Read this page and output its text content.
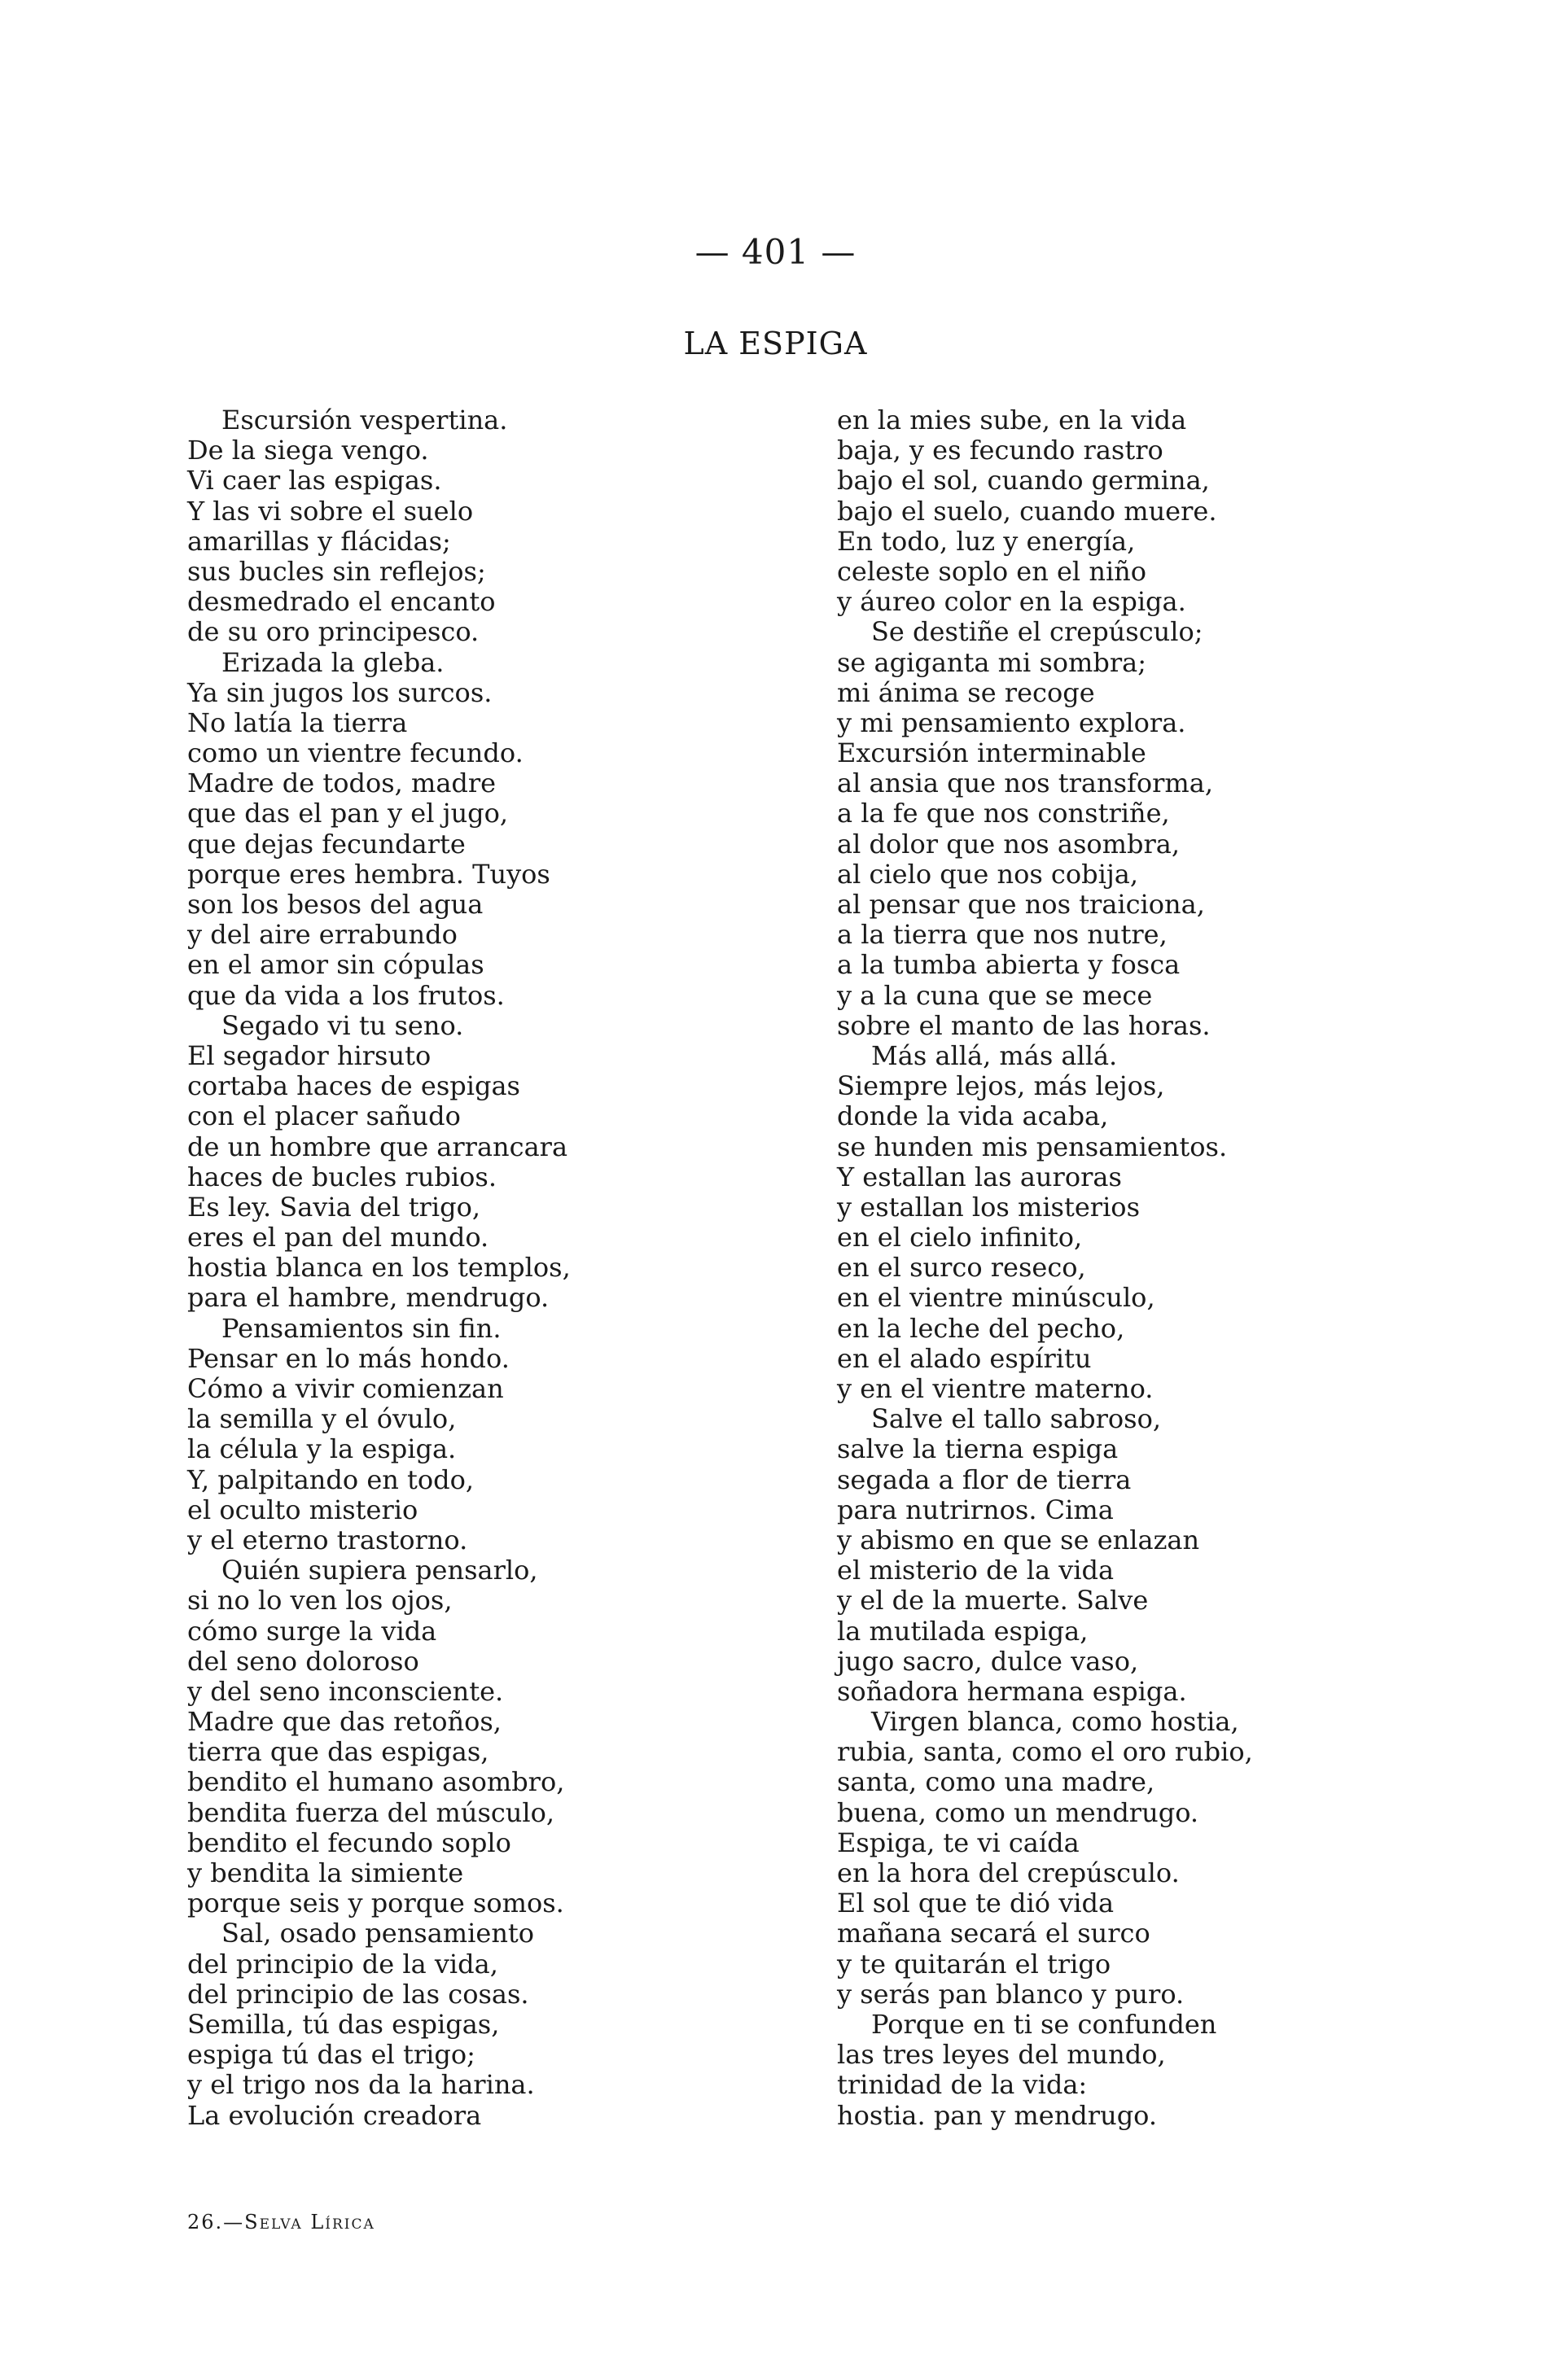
— 401 —
LA ESPIGA
Escursión vespertina.
De la siega vengo.
Vi caer las espigas.
Y las vi sobre el suelo
amarillas y flácidas;
sus bucles sin reflejos;
desmedrado el encanto
de su oro principesco.
Erizada la gleba.
Ya sin jugos los surcos.
No latía la tierra
como un vientre fecundo.
Madre de todos, madre
que das el pan y el jugo,
que dejas fecundarte
porque eres hembra. Tuyos
son los besos del agua
y del aire errabundo
en el amor sin cópulas
que da vida a los frutos.
Segado vi tu seno.
El segador hirsuto
cortaba haces de espigas
con el placer sañudo
de un hombre que arrancara
haces de bucles rubios.
Es ley. Savia del trigo,
eres el pan del mundo.
hostia blanca en los templos,
para el hambre, mendrugo.
Pensamientos sin fin.
Pensar en lo más hondo.
Cómo a vivir comienzan
la semilla y el óvulo,
la célula y la espiga.
Y, palpitando en todo,
el oculto misterio
y el eterno trastorno.
Quién supiera pensarlo,
si no lo ven los ojos,
cómo surge la vida
del seno doloroso
y del seno inconsciente.
Madre que das retoños,
tierra que das espigas,
bendito el humano asombro,
bendita fuerza del músculo,
bendito el fecundo soplo
y bendita la simiente
porque seis y porque somos.
Sal, osado pensamiento
del principio de la vida,
del principio de las cosas.
Semilla, tú das espigas,
espiga tú das el trigo;
y el trigo nos da la harina.
La evolución creadora
en la mies sube, en la vida
baja, y es fecundo rastro
bajo el sol, cuando germina,
bajo el suelo, cuando muere.
En todo, luz y energía,
celeste soplo en el niño
y áureo color en la espiga.
Se destiñe el crepúsculo;
se agiganta mi sombra;
mi ánima se recoge
y mi pensamiento explora.
Excursión interminable
al ansia que nos transforma,
a la fe que nos constriñe,
al dolor que nos asombra,
al cielo que nos cobija,
al pensar que nos traiciona,
a la tierra que nos nutre,
a la tumba abierta y fosca
y a la cuna que se mece
sobre el manto de las horas.
Más allá, más allá.
Siempre lejos, más lejos,
donde la vida acaba,
se hunden mis pensamientos.
Y estallan las auroras
y estallan los misterios
en el cielo infinito,
en el surco reseco,
en el vientre minúsculo,
en la leche del pecho,
en el alado espíritu
y en el vientre materno.
Salve el tallo sabroso,
salve la tierna espiga
segada a flor de tierra
para nutrirnos. Cima
y abismo en que se enlazan
el misterio de la vida
y el de la muerte. Salve
la mutilada espiga,
jugo sacro, dulce vaso,
soñadora hermana espiga.
Virgen blanca, como hostia,
rubia, santa, como el oro rubio,
santa, como una madre,
buena, como un mendrugo.
Espiga, te vi caída
en la hora del crepúsculo.
El sol que te dió vida
mañana secará el surco
y te quitarán el trigo
y serás pan blanco y puro.
Porque en ti se confunden
las tres leyes del mundo,
trinidad de la vida:
hostia. pan y mendrugo.
26.—Selva Lírica
